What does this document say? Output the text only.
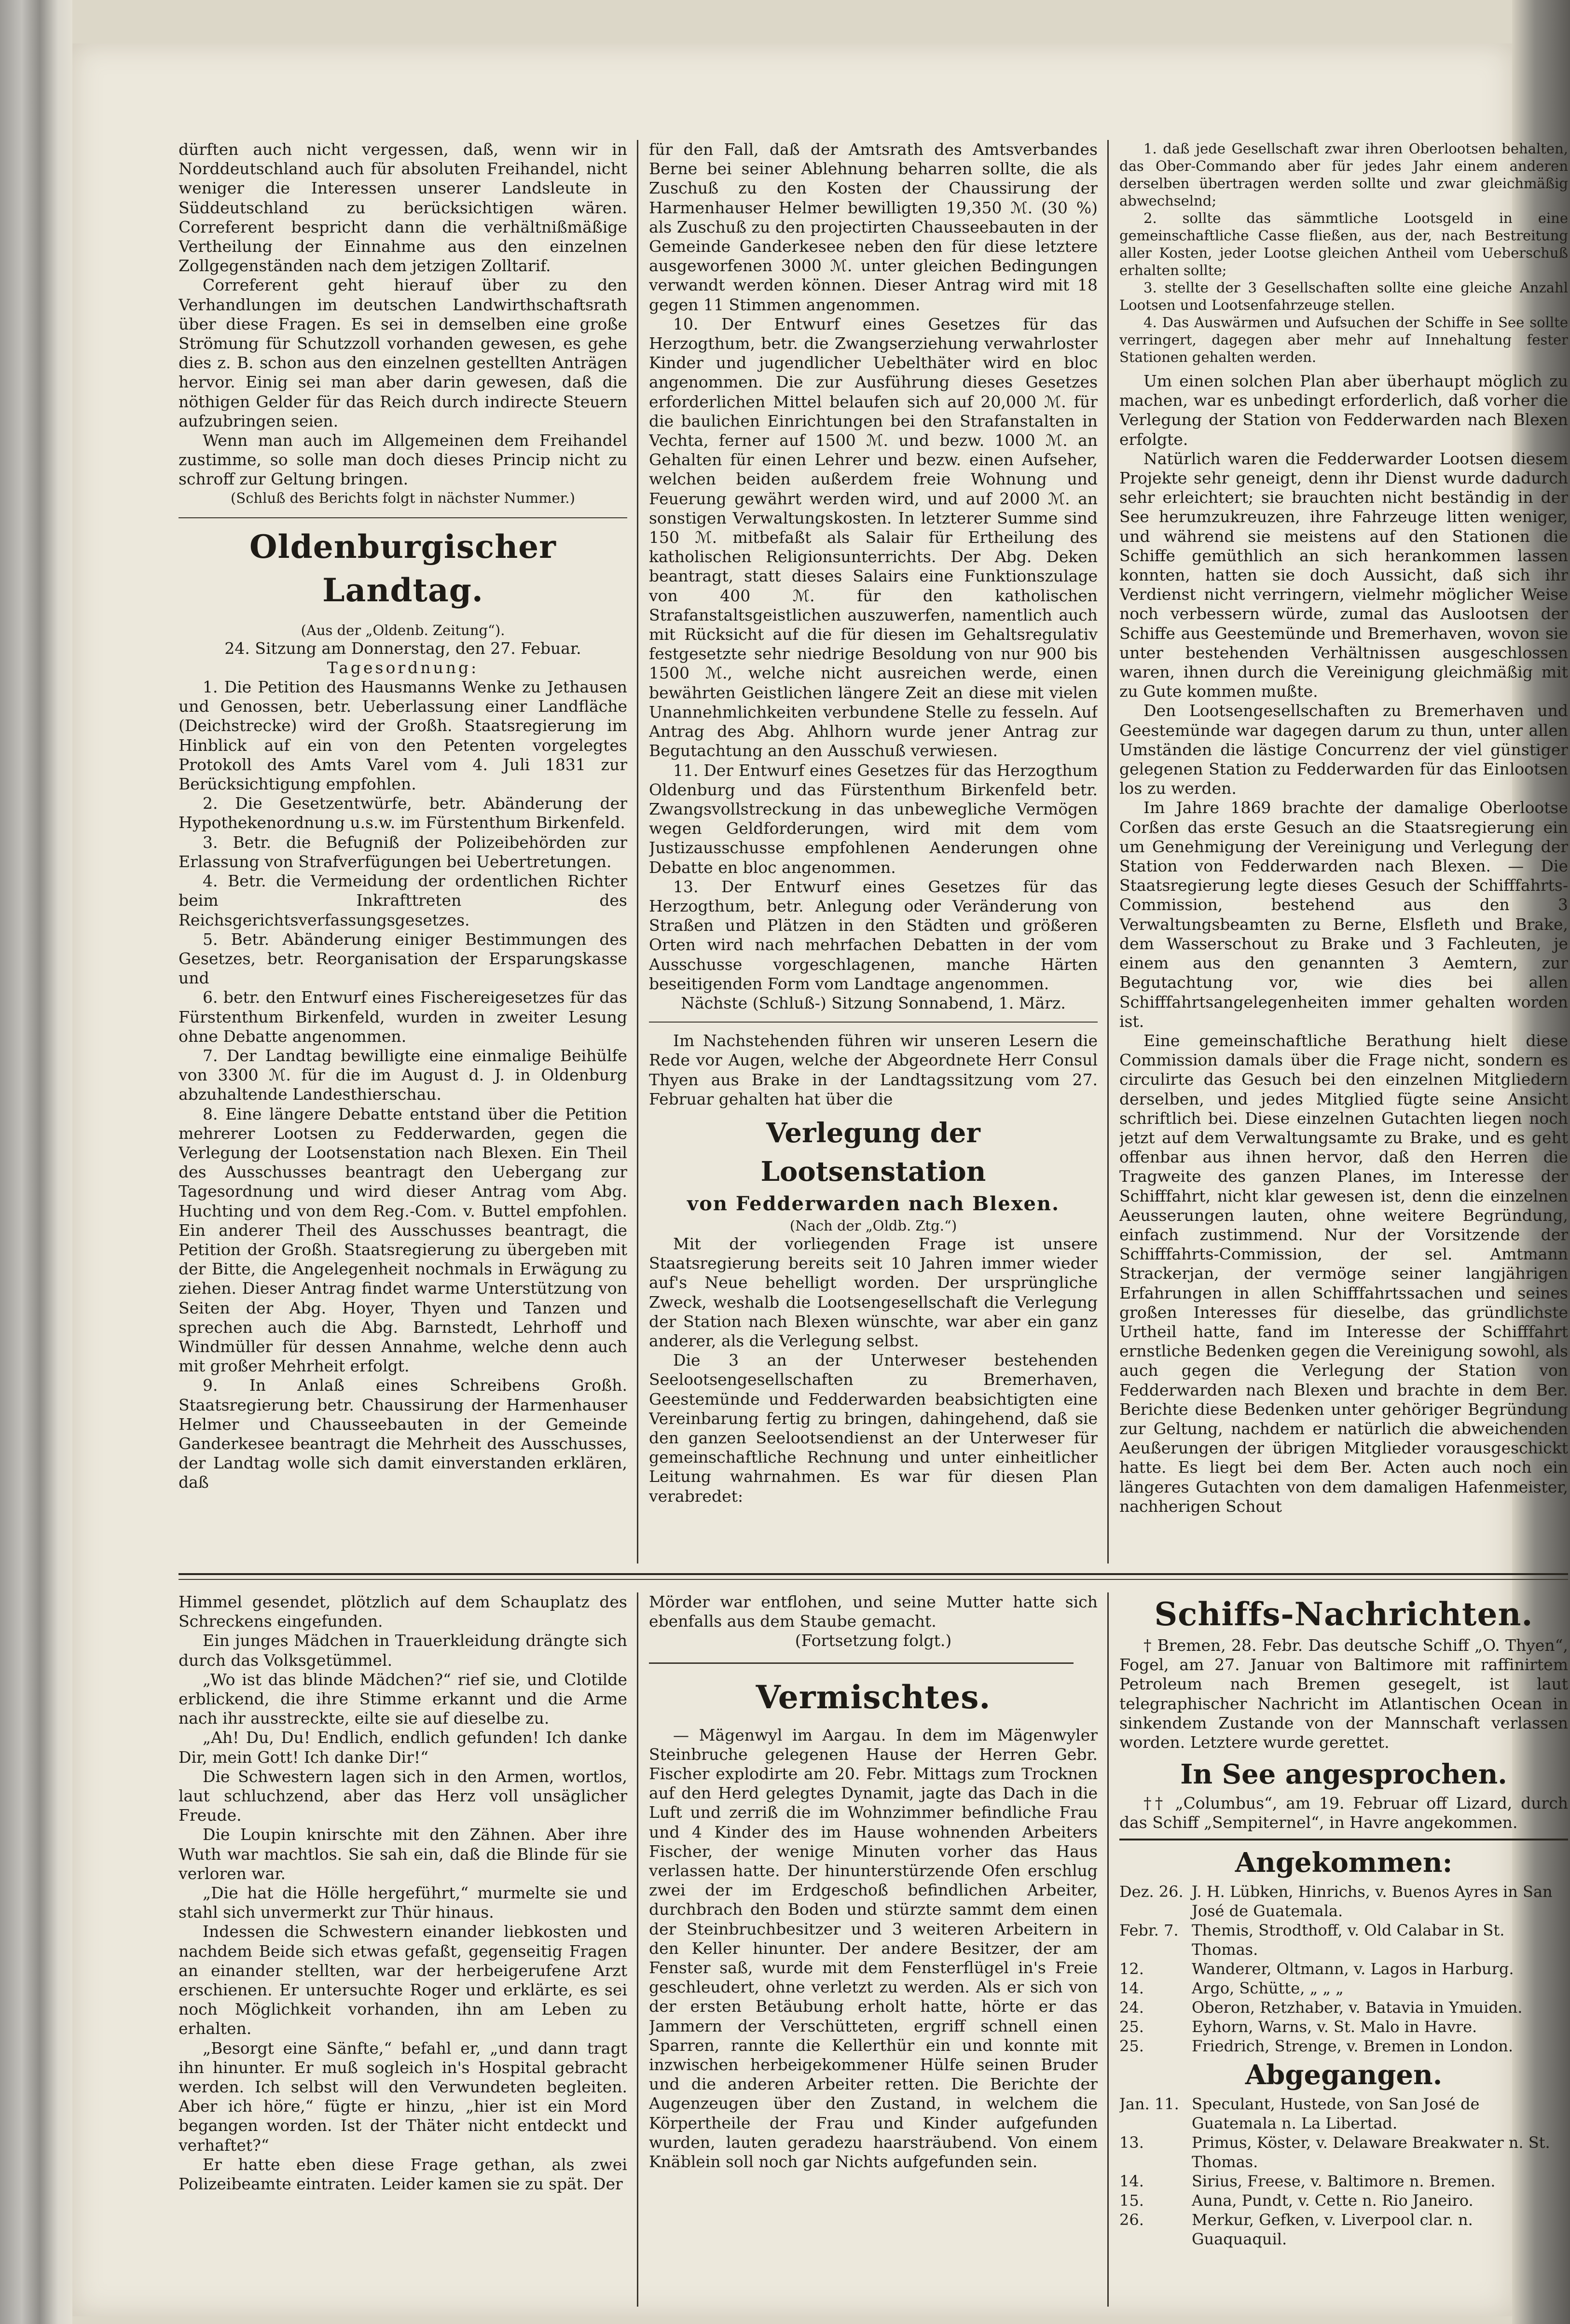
dürften auch nicht vergessen, daß, wenn wir in Norddeutschland auch für absoluten Freihandel, nicht weniger die Interessen unserer Landsleute in Süddeutschland zu berücksichtigen wären. Correferent bespricht dann die verhältnißmäßige Vertheilung der Einnahme aus den einzelnen Zollgegenständen nach dem jetzigen Zolltarif.

Correferent geht hierauf über zu den Verhandlungen im deutschen Landwirthschaftsrath über diese Fragen. Es sei in demselben eine große Strömung für Schutzzoll vorhanden gewesen, es gehe dies z. B. schon aus den einzelnen gestellten Anträgen hervor. Einig sei man aber darin gewesen, daß die nöthigen Gelder für das Reich durch indirecte Steuern aufzubringen seien.

Wenn man auch im Allgemeinen dem Freihandel zustimme, so solle man doch dieses Princip nicht zu schroff zur Geltung bringen.

(Schluß des Berichts folgt in nächster Nummer.)

Oldenburgischer Landtag.

(Aus der „Oldenb. Zeitung“).

24. Sitzung am Donnerstag, den 27. Febuar.

Tagesordnung:

1. Die Petition des Hausmanns Wenke zu Jethausen und Genossen, betr. Ueberlassung einer Landfläche (Deichstrecke) wird der Großh. Staatsregierung im Hinblick auf ein von den Petenten vorgelegtes Protokoll des Amts Varel vom 4. Juli 1831 zur Berücksichtigung empfohlen.

2. Die Gesetzentwürfe, betr. Abänderung der Hypothekenordnung u.s.w. im Fürstenthum Birkenfeld.

3. Betr. die Befugniß der Polizeibehörden zur Erlassung von Strafverfügungen bei Uebertretungen.

4. Betr. die Vermeidung der ordentlichen Richter beim Inkrafttreten des Reichsgerichtsverfassungsgesetzes.

5. Betr. Abänderung einiger Bestimmungen des Gesetzes, betr. Reorganisation der Ersparungskasse und

6. betr. den Entwurf eines Fischereigesetzes für das Fürstenthum Birkenfeld, wurden in zweiter Lesung ohne Debatte angenommen.

7. Der Landtag bewilligte eine einmalige Beihülfe von 3300 ℳ. für die im August d. J. in Oldenburg abzuhaltende Landesthierschau.

8. Eine längere Debatte entstand über die Petition mehrerer Lootsen zu Fedderwarden, gegen die Verlegung der Lootsenstation nach Blexen. Ein Theil des Ausschusses beantragt den Uebergang zur Tagesordnung und wird dieser Antrag vom Abg. Huchting und von dem Reg.-Com. v. Buttel empfohlen. Ein anderer Theil des Ausschusses beantragt, die Petition der Großh. Staatsregierung zu übergeben mit der Bitte, die Angelegenheit nochmals in Erwägung zu ziehen. Dieser Antrag findet warme Unterstützung von Seiten der Abg. Hoyer, Thyen und Tanzen und sprechen auch die Abg. Barnstedt, Lehrhoff und Windmüller für dessen Annahme, welche denn auch mit großer Mehrheit erfolgt.

9. In Anlaß eines Schreibens Großh. Staatsregierung betr. Chaussirung der Harmenhauser Helmer und Chausseebauten in der Gemeinde Ganderkesee beantragt die Mehrheit des Ausschusses, der Landtag wolle sich damit einverstanden erklären, daß

für den Fall, daß der Amtsrath des Amtsverbandes Berne bei seiner Ablehnung beharren sollte, die als Zuschuß zu den Kosten der Chaussirung der Harmenhauser Helmer bewilligten 19,350 ℳ. (30 %) als Zuschuß zu den projectirten Chausseebauten in der Gemeinde Ganderkesee neben den für diese letztere ausgeworfenen 3000 ℳ. unter gleichen Bedingungen verwandt werden können. Dieser Antrag wird mit 18 gegen 11 Stimmen angenommen.

10. Der Entwurf eines Gesetzes für das Herzogthum, betr. die Zwangserziehung verwahrloster Kinder und jugendlicher Uebelthäter wird en bloc angenommen. Die zur Ausführung dieses Gesetzes erforderlichen Mittel belaufen sich auf 20,000 ℳ. für die baulichen Einrichtungen bei den Strafanstalten in Vechta, ferner auf 1500 ℳ. und bezw. 1000 ℳ. an Gehalten für einen Lehrer und bezw. einen Aufseher, welchen beiden außerdem freie Wohnung und Feuerung gewährt werden wird, und auf 2000 ℳ. an sonstigen Verwaltungskosten. In letzterer Summe sind 150 ℳ. mitbefaßt als Salair für Ertheilung des katholischen Religionsunterrichts. Der Abg. Deken beantragt, statt dieses Salairs eine Funktionszulage von 400 ℳ. für den katholischen Strafanstaltsgeistlichen auszuwerfen, namentlich auch mit Rücksicht auf die für diesen im Gehaltsregulativ festgesetzte sehr niedrige Besoldung von nur 900 bis 1500 ℳ., welche nicht ausreichen werde, einen bewährten Geistlichen längere Zeit an diese mit vielen Unannehmlichkeiten verbundene Stelle zu fesseln. Auf Antrag des Abg. Ahlhorn wurde jener Antrag zur Begutachtung an den Ausschuß verwiesen.

11. Der Entwurf eines Gesetzes für das Herzogthum Oldenburg und das Fürstenthum Birkenfeld betr. Zwangsvollstreckung in das unbewegliche Vermögen wegen Geldforderungen, wird mit dem vom Justizausschusse empfohlenen Aenderungen ohne Debatte en bloc angenommen.

13. Der Entwurf eines Gesetzes für das Herzogthum, betr. Anlegung oder Veränderung von Straßen und Plätzen in den Städten und größeren Orten wird nach mehrfachen Debatten in der vom Ausschusse vorgeschlagenen, manche Härten beseitigenden Form vom Landtage angenommen.

Nächste (Schluß-) Sitzung Sonnabend, 1. März.

Im Nachstehenden führen wir unseren Lesern die Rede vor Augen, welche der Abgeordnete Herr Consul Thyen aus Brake in der Landtagssitzung vom 27. Februar gehalten hat über die

Verlegung der Lootsenstation
von Fedderwarden nach Blexen.

(Nach der „Oldb. Ztg.“)

Mit der vorliegenden Frage ist unsere Staatsregierung bereits seit 10 Jahren immer wieder auf's Neue behelligt worden. Der ursprüngliche Zweck, weshalb die Lootsengesellschaft die Verlegung der Station nach Blexen wünschte, war aber ein ganz anderer, als die Verlegung selbst.

Die 3 an der Unterweser bestehenden Seelootsengesellschaften zu Bremerhaven, Geestemünde und Fedderwarden beabsichtigten eine Vereinbarung fertig zu bringen, dahingehend, daß sie den ganzen Seelootsendienst an der Unterweser für gemeinschaftliche Rechnung und unter einheitlicher Leitung wahrnahmen. Es war für diesen Plan verabredet:

1. daß jede Gesellschaft zwar ihren Oberlootsen behalten, das Ober-Commando aber für jedes Jahr einem anderen derselben übertragen werden sollte und zwar gleichmäßig abwechselnd;

2. sollte das sämmtliche Lootsgeld in eine gemeinschaftliche Casse fließen, aus der, nach Bestreitung aller Kosten, jeder Lootse gleichen Antheil vom Ueberschuß erhalten sollte;

3. stellte der 3 Gesellschaften sollte eine gleiche Anzahl Lootsen und Lootsenfahrzeuge stellen.

4. Das Auswärmen und Aufsuchen der Schiffe in See sollte verringert, dagegen aber mehr auf Innehaltung fester Stationen gehalten werden.

Um einen solchen Plan aber überhaupt möglich zu machen, war es unbedingt erforderlich, daß vorher die Verlegung der Station von Fedderwarden nach Blexen erfolgte.

Natürlich waren die Fedderwarder Lootsen diesem Projekte sehr geneigt, denn ihr Dienst wurde dadurch sehr erleichtert; sie brauchten nicht beständig in der See herumzukreuzen, ihre Fahrzeuge litten weniger, und während sie meistens auf den Stationen die Schiffe gemüthlich an sich herankommen lassen konnten, hatten sie doch Aussicht, daß sich ihr Verdienst nicht verringern, vielmehr möglicher Weise noch verbessern würde, zumal das Auslootsen der Schiffe aus Geestemünde und Bremerhaven, wovon sie unter bestehenden Verhältnissen ausgeschlossen waren, ihnen durch die Vereinigung gleichmäßig mit zu Gute kommen mußte.

Den Lootsengesellschaften zu Bremerhaven und Geestemünde war dagegen darum zu thun, unter allen Umständen die lästige Concurrenz der viel günstiger gelegenen Station zu Fedderwarden für das Einlootsen los zu werden.

Im Jahre 1869 brachte der damalige Oberlootse Corßen das erste Gesuch an die Staatsregierung ein um Genehmigung der Vereinigung und Verlegung der Station von Fedderwarden nach Blexen. — Die Staatsregierung legte dieses Gesuch der Schifffahrts-Commission, bestehend aus den 3 Verwaltungsbeamten zu Berne, Elsfleth und Brake, dem Wasserschout zu Brake und 3 Fachleuten, je einem aus den genannten 3 Aemtern, zur Begutachtung vor, wie dies bei allen Schifffahrtsangelegenheiten immer gehalten worden ist.

Eine gemeinschaftliche Berathung hielt diese Commission damals über die Frage nicht, sondern es circulirte das Gesuch bei den einzelnen Mitgliedern derselben, und jedes Mitglied fügte seine Ansicht schriftlich bei. Diese einzelnen Gutachten liegen noch jetzt auf dem Verwaltungsamte zu Brake, und es geht offenbar aus ihnen hervor, daß den Herren die Tragweite des ganzen Planes, im Interesse der Schifffahrt, nicht klar gewesen ist, denn die einzelnen Aeusserungen lauten, ohne weitere Begründung, einfach zustimmend. Nur der Vorsitzende der Schifffahrts-Commission, der sel. Amtmann Strackerjan, der vermöge seiner langjährigen Erfahrungen in allen Schifffahrtssachen und seines großen Interesses für dieselbe, das gründlichste Urtheil hatte, fand im Interesse der Schifffahrt ernstliche Bedenken gegen die Vereinigung sowohl, als auch gegen die Verlegung der Station von Fedderwarden nach Blexen und brachte in dem Ber. Berichte diese Bedenken unter gehöriger Begründung zur Geltung, nachdem er natürlich die abweichenden Aeußerungen der übrigen Mitglieder vorausgeschickt hatte. Es liegt bei dem Ber. Acten auch noch ein längeres Gutachten von dem damaligen Hafenmeister, nachherigen Schout

Himmel gesendet, plötzlich auf dem Schauplatz des Schreckens eingefunden.

Ein junges Mädchen in Trauerkleidung drängte sich durch das Volksgetümmel.

„Wo ist das blinde Mädchen?“ rief sie, und Clotilde erblickend, die ihre Stimme erkannt und die Arme nach ihr ausstreckte, eilte sie auf dieselbe zu.

„Ah! Du, Du! Endlich, endlich gefunden! Ich danke Dir, mein Gott! Ich danke Dir!“

Die Schwestern lagen sich in den Armen, wortlos, laut schluchzend, aber das Herz voll unsäglicher Freude.

Die Loupin knirschte mit den Zähnen. Aber ihre Wuth war machtlos. Sie sah ein, daß die Blinde für sie verloren war.

„Die hat die Hölle hergeführt,“ murmelte sie und stahl sich unvermerkt zur Thür hinaus.

Indessen die Schwestern einander liebkosten und nachdem Beide sich etwas gefaßt, gegenseitig Fragen an einander stellten, war der herbeigerufene Arzt erschienen. Er untersuchte Roger und erklärte, es sei noch Möglichkeit vorhanden, ihn am Leben zu erhalten.

„Besorgt eine Sänfte,“ befahl er, „und dann tragt ihn hinunter. Er muß sogleich in's Hospital gebracht werden. Ich selbst will den Verwundeten begleiten. Aber ich höre,“ fügte er hinzu, „hier ist ein Mord begangen worden. Ist der Thäter nicht entdeckt und verhaftet?“

Er hatte eben diese Frage gethan, als zwei Polizeibeamte eintraten. Leider kamen sie zu spät. Der

Mörder war entflohen, und seine Mutter hatte sich ebenfalls aus dem Staube gemacht.

(Fortsetzung folgt.)

Vermischtes.

— Mägenwyl im Aargau. In dem im Mägenwyler Steinbruche gelegenen Hause der Herren Gebr. Fischer explodirte am 20. Febr. Mittags zum Trocknen auf den Herd gelegtes Dynamit, jagte das Dach in die Luft und zerriß die im Wohnzimmer befindliche Frau und 4 Kinder des im Hause wohnenden Arbeiters Fischer, der wenige Minuten vorher das Haus verlassen hatte. Der hinunterstürzende Ofen erschlug zwei der im Erdgeschoß befindlichen Arbeiter, durchbrach den Boden und stürzte sammt dem einen der Steinbruchbesitzer und 3 weiteren Arbeitern in den Keller hinunter. Der andere Besitzer, der am Fenster saß, wurde mit dem Fensterflügel in's Freie geschleudert, ohne verletzt zu werden. Als er sich von der ersten Betäubung erholt hatte, hörte er das Jammern der Verschütteten, ergriff schnell einen Sparren, rannte die Kellerthür ein und konnte mit inzwischen herbeigekommener Hülfe seinen Bruder und die anderen Arbeiter retten. Die Berichte der Augenzeugen über den Zustand, in welchem die Körpertheile der Frau und Kinder aufgefunden wurden, lauten geradezu haarsträubend. Von einem Knäblein soll noch gar Nichts aufgefunden sein.

Schiffs-Nachrichten.

† Bremen, 28. Febr. Das deutsche Schiff „O. Thyen“, Fogel, am 27. Januar von Baltimore mit raffinirtem Petroleum nach Bremen gesegelt, ist laut telegraphischer Nachricht im Atlantischen Ocean in sinkendem Zustande von der Mannschaft verlassen worden. Letztere wurde gerettet.

In See angesprochen.

†† „Columbus“, am 19. Februar off Lizard, durch das Schiff „Sempiternel“, in Havre angekommen.

Angekommen:
Dez. 26. J. H. Lübken, Hinrichs, v. Buenos Ayres in San José de Guatemala.
Febr. 7. Themis, Strodthoff, v. Old Calabar in St. Thomas.
12.	Wanderer, Oltmann, v. Lagos in Harburg.
14.	Argo, Schütte, „ „ „
24.	Oberon, Retzhaber, v. Batavia in Ymuiden.
25.	Eyhorn, Warns, v. St. Malo in Havre.
25.	Friedrich, Strenge, v. Bremen in London.
Abgegangen.
Jan. 11. Speculant, Hustede, von San José de Guatemala n. La Libertad.
13.	Primus, Köster, v. Delaware Breakwater n. St. Thomas.
14.	Sirius, Freese, v. Baltimore n. Bremen.
15.	Auna, Pundt, v. Cette n. Rio Janeiro.
26.	Merkur, Gefken, v. Liverpool clar. n. Guaquaquil.
